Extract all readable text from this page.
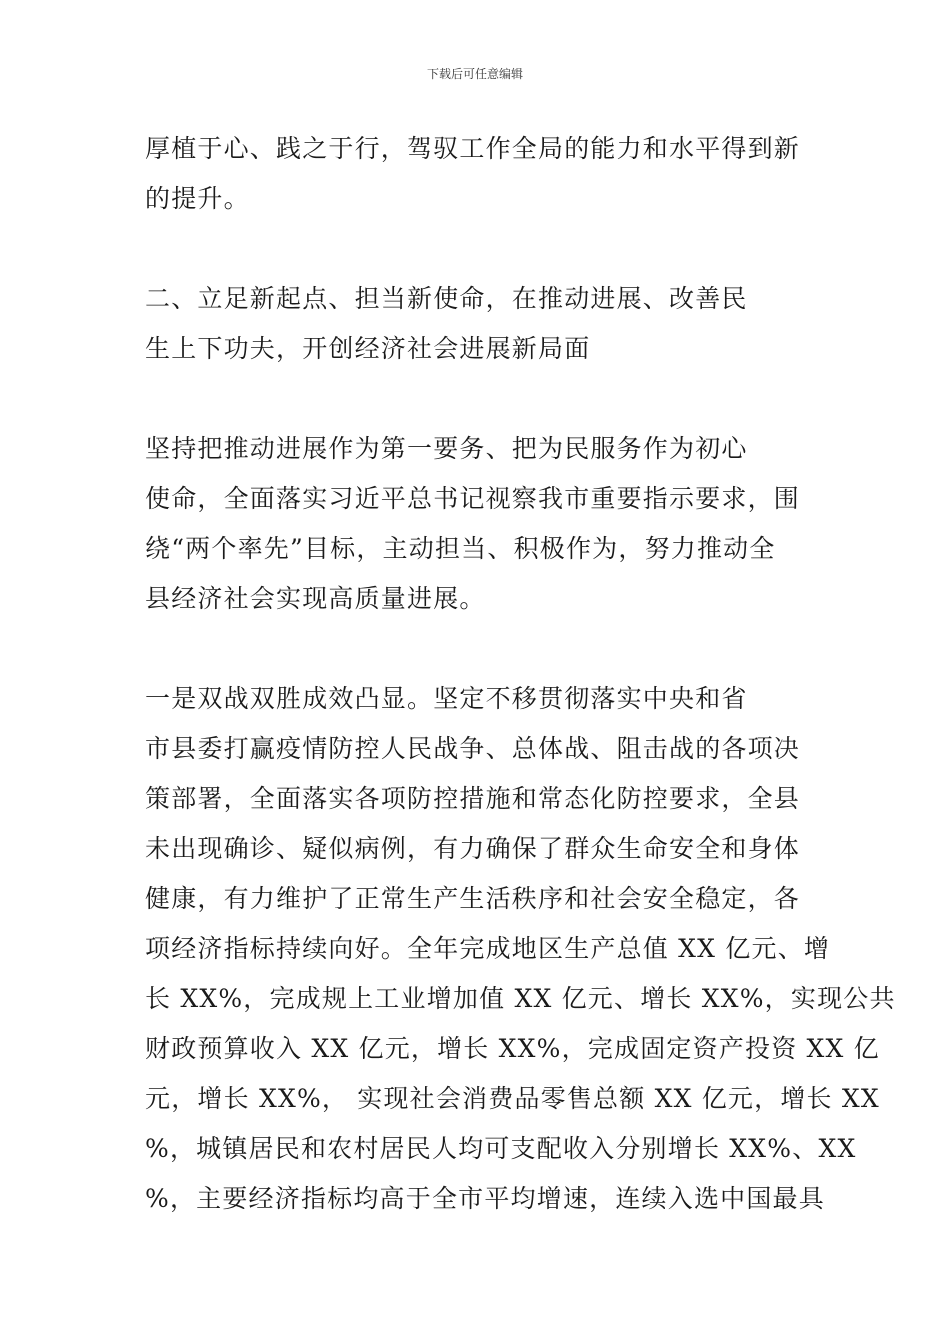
下载后可任意编辑
厚植于心、践之于行，驾驭工作全局的能力和水平得到新
的提升。
二、立足新起点、担当新使命，在推动进展、改善民
生上下功夫，开创经济社会进展新局面
坚持把推动进展作为第一要务、把为民服务作为初心
使命，全面落实习近平总书记视察我市重要指示要求，围
绕“两个率先”目标，主动担当、积极作为，努力推动全
县经济社会实现高质量进展。
一是双战双胜成效凸显。坚定不移贯彻落实中央和省
市县委打赢疫情防控人民战争、总体战、阻击战的各项决
策部署，全面落实各项防控措施和常态化防控要求，全县
未出现确诊、疑似病例，有力确保了群众生命安全和身体
健康，有力维护了正常生产生活秩序和社会安全稳定，各
项经济指标持续向好。全年完成地区生产总值 XX 亿元、增
长 XX%，完成规上工业增加值 XX 亿元、增长 XX%，实现公共
财政预算收入 XX 亿元，增长 XX%，完成固定资产投资 XX 亿
元，增长 XX%， 实现社会消费品零售总额 XX 亿元，增长 XX
%，城镇居民和农村居民人均可支配收入分别增长 XX%、XX
%，主要经济指标均高于全市平均增速，连续入选中国最具
